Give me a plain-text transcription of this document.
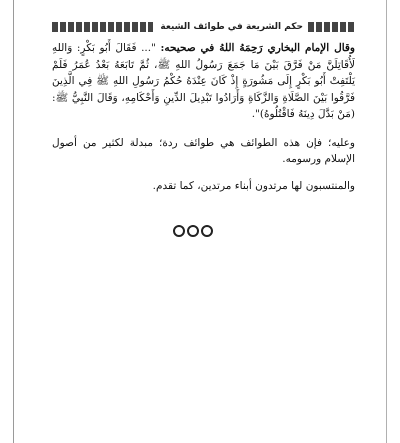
حكم الشريعة في طوائف الشيعة

وقال الإمام البخاري رَحِمَهُ اللهُ في صحيحه: "... فَقَالَ أَبُو بَكْرٍ: وَاللهِ لَأُقَاتِلَنَّ مَنْ فَرَّقَ بَيْنَ مَا جَمَعَ رَسُولُ اللهِ ﷺ، ثُمَّ تَابَعَهُ بَعْدُ عُمَرُ فَلَمْ يَلْتَفِتْ أَبُو بَكْرٍ إِلَى مَشُورَةٍ إِذْ كَانَ عِنْدَهُ حُكْمُ رَسُولِ اللهِ ﷺ فِي الَّذِينَ فَرَّقُوا بَيْنَ الصَّلَاةِ وَالزَّكَاةِ وَأَرَادُوا تَبْدِيلَ الدِّينِ وَأَحْكَامِهِ، وَقَالَ النَّبِيُّ ﷺ: (مَنْ بَدَّلَ دِينَهُ فَاقْتُلُوهُ)".

وعليه؛ فإن هذه الطوائف هي طوائف ردة؛ مبدلة لكثير من أصول الإسلام ورسومه.

والمنتسبون لها مرتدون أبناء مرتدين، كما تقدم.
